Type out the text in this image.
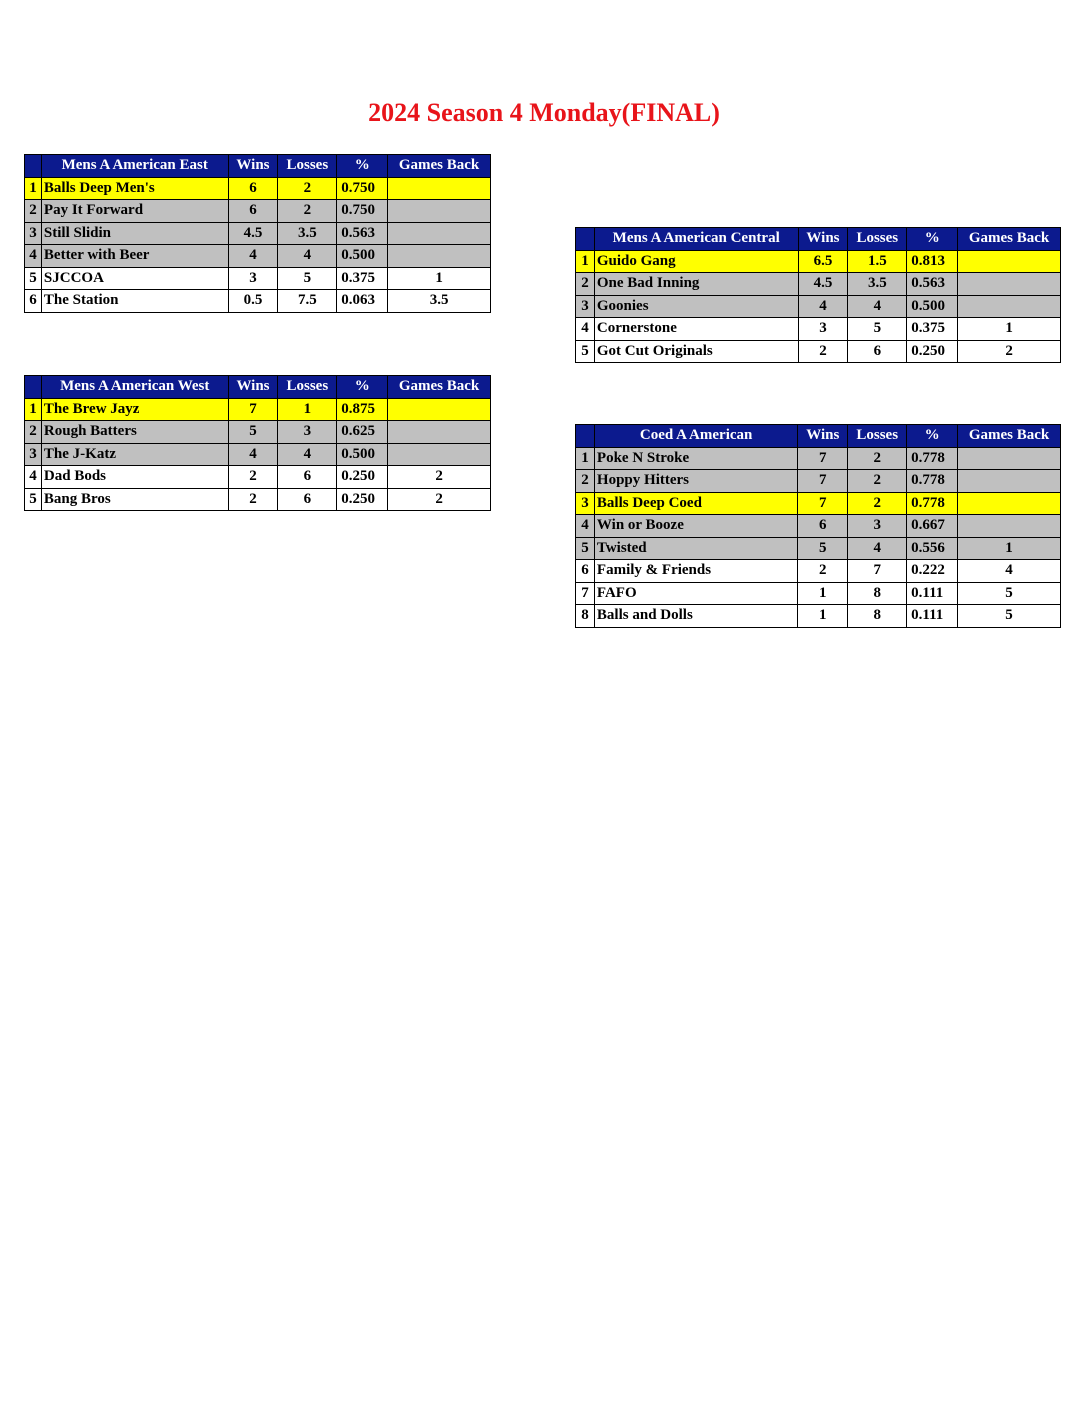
2024 Season 4 Monday(FINAL)
	Mens A American East	Wins	Losses	%	Games Back
1	Balls Deep Men's	6	2	0.750	
2	Pay It Forward	6	2	0.750	
3	Still Slidin	4.5	3.5	0.563	
4	Better with Beer	4	4	0.500	
5	SJCCOA	3	5	0.375	1
6	The Station	0.5	7.5	0.063	3.5
	Mens A American Central	Wins	Losses	%	Games Back
1	Guido Gang	6.5	1.5	0.813	
2	One Bad Inning	4.5	3.5	0.563	
3	Goonies	4	4	0.500	
4	Cornerstone	3	5	0.375	1
5	Got Cut Originals	2	6	0.250	2
	Mens A American West	Wins	Losses	%	Games Back
1	The Brew Jayz	7	1	0.875	
2	Rough Batters	5	3	0.625	
3	The J-Katz	4	4	0.500	
4	Dad Bods	2	6	0.250	2
5	Bang Bros	2	6	0.250	2
	Coed A American	Wins	Losses	%	Games Back
1	Poke N Stroke	7	2	0.778	
2	Hoppy Hitters	7	2	0.778	
3	Balls Deep Coed	7	2	0.778	
4	Win or Booze	6	3	0.667	
5	Twisted	5	4	0.556	1
6	Family & Friends	2	7	0.222	4
7	FAFO	1	8	0.111	5
8	Balls and Dolls	1	8	0.111	5
